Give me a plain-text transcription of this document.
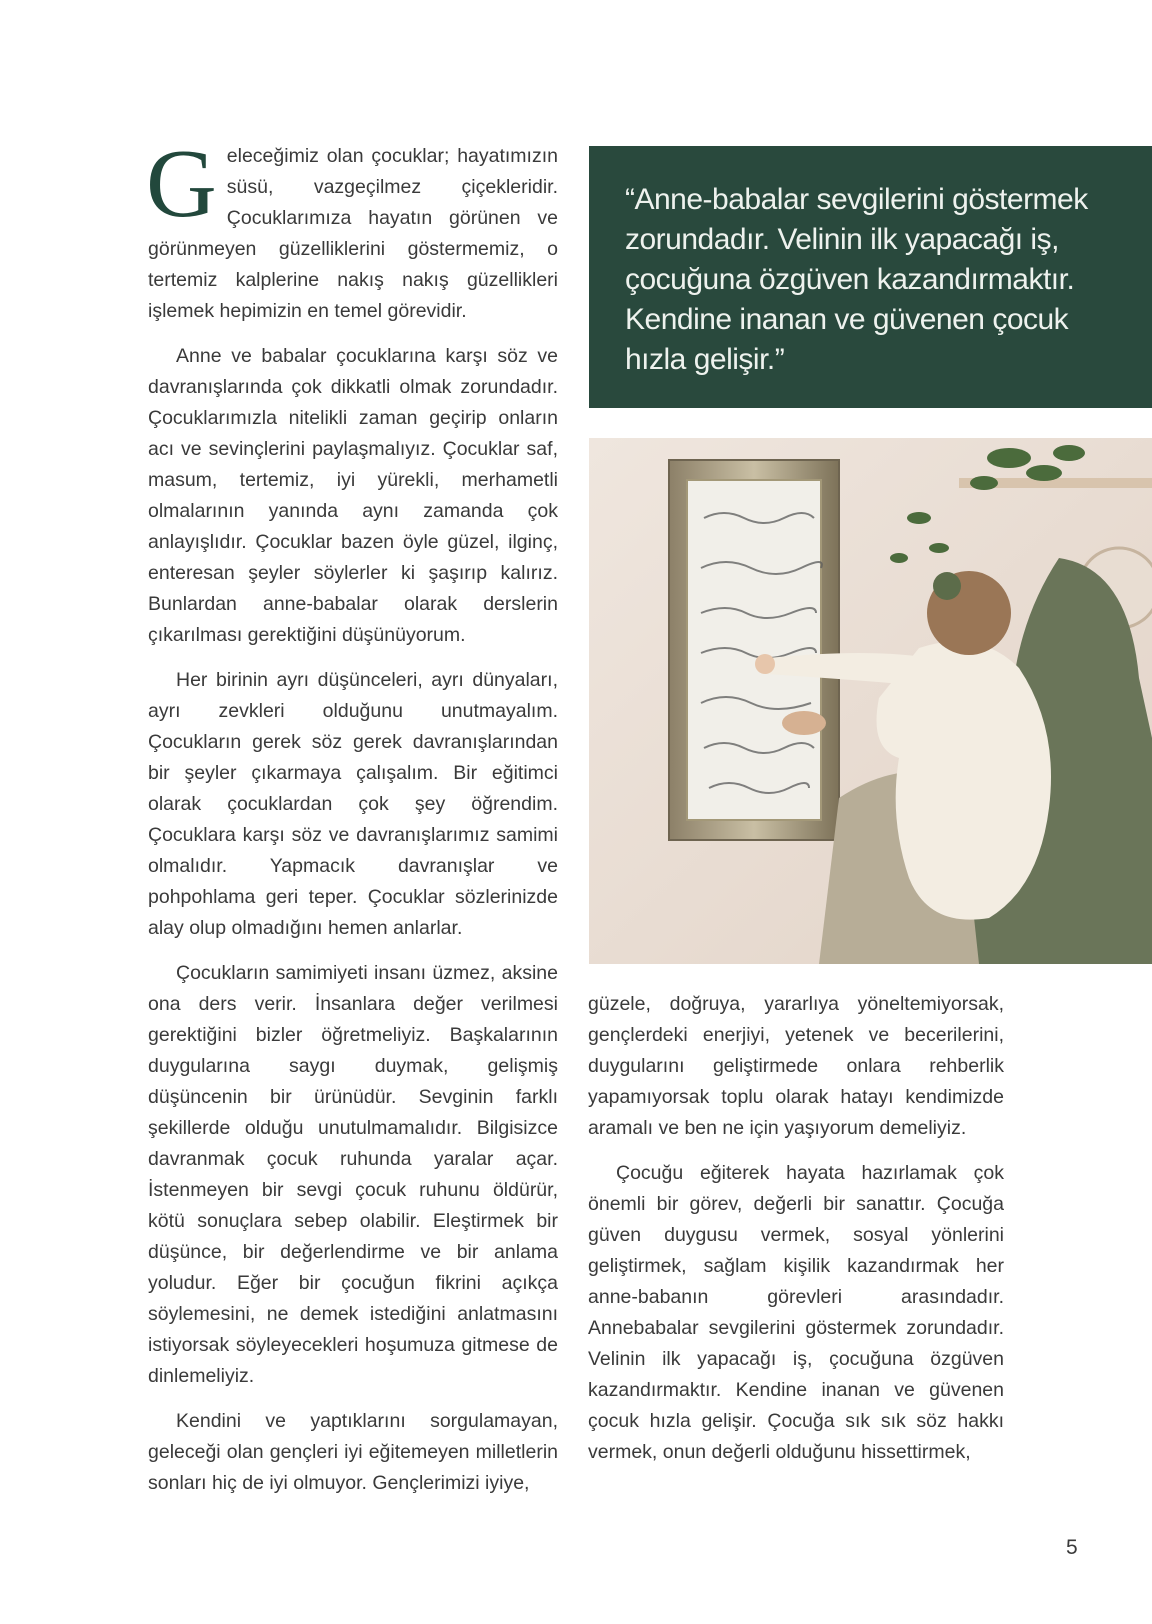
Geleceğimiz olan çocuklar; hayatımızın süsü, vazgeçilmez çiçekleridir. Çocuklarımıza hayatın görünen ve görünmeyen güzelliklerini göstermemiz, o tertemiz kalplerine nakış nakış güzellikleri işlemek hepimizin en temel görevidir.

Anne ve babalar çocuklarına karşı söz ve davranışlarında çok dikkatli olmak zorundadır. Çocuklarımızla nitelikli zaman geçirip onların acı ve sevinçlerini paylaşmalıyız. Çocuklar saf, masum, tertemiz, iyi yürekli, merhametli olmalarının yanında aynı zamanda çok anlayışlıdır. Çocuklar bazen öyle güzel, ilginç, enteresan şeyler söylerler ki şaşırıp kalırız. Bunlardan anne-babalar olarak derslerin çıkarılması gerektiğini düşünüyorum.

Her birinin ayrı düşünceleri, ayrı dünyaları, ayrı zevkleri olduğunu unutmayalım. Çocukların gerek söz gerek davranışlarından bir şeyler çıkarmaya çalışalım. Bir eğitimci olarak çocuklardan çok şey öğrendim. Çocuklara karşı söz ve davranışlarımız samimi olmalıdır. Yapmacık davranışlar ve pohpohlama geri teper. Çocuklar sözlerinizde alay olup olmadığını hemen anlarlar.

Çocukların samimiyeti insanı üzmez, aksine ona ders verir. İnsanlara değer verilmesi gerektiğini bizler öğretmeliyiz. Başkalarının duygularına saygı duymak, gelişmiş düşüncenin bir ürünüdür. Sevginin farklı şekillerde olduğu unutulmamalıdır. Bilgisizce davranmak çocuk ruhunda yaralar açar. İstenmeyen bir sevgi çocuk ruhunu öldürür, kötü sonuçlara sebep olabilir. Eleştirmek bir düşünce, bir değerlendirme ve bir anlama yoludur. Eğer bir çocuğun fikrini açıkça söylemesini, ne demek istediğini anlatmasını istiyorsak söyleyecekleri hoşumuza gitmese de dinlemeliyiz.

Kendini ve yaptıklarını sorgulamayan, geleceği olan gençleri iyi eğitemeyen milletlerin sonları hiç de iyi olmuyor. Gençlerimizi iyiye,

“Anne-babalar sevgilerini göstermek zorundadır. Velinin ilk yapacağı iş, çocuğuna özgüven kazandırmaktır. Kendine inanan ve güvenen çocuk hızla gelişir.”

güzele, doğruya, yararlıya yöneltemiyorsak, gençlerdeki enerjiyi, yetenek ve becerilerini, duygularını geliştirmede onlara rehberlik yapamıyorsak toplu olarak hatayı kendimizde aramalı ve ben ne için yaşıyorum demeliyiz.

Çocuğu eğiterek hayata hazırlamak çok önemli bir görev, değerli bir sanattır. Çocuğa güven duygusu vermek, sosyal yönlerini geliştirmek, sağlam kişilik kazandırmak her anne-babanın görevleri arasındadır. Annebabalar sevgilerini göstermek zorundadır. Velinin ilk yapacağı iş, çocuğuna özgüven kazandırmaktır. Kendine inanan ve güvenen çocuk hızla gelişir. Çocuğa sık sık söz hakkı vermek, onun değerli olduğunu hissettirmek,

5
